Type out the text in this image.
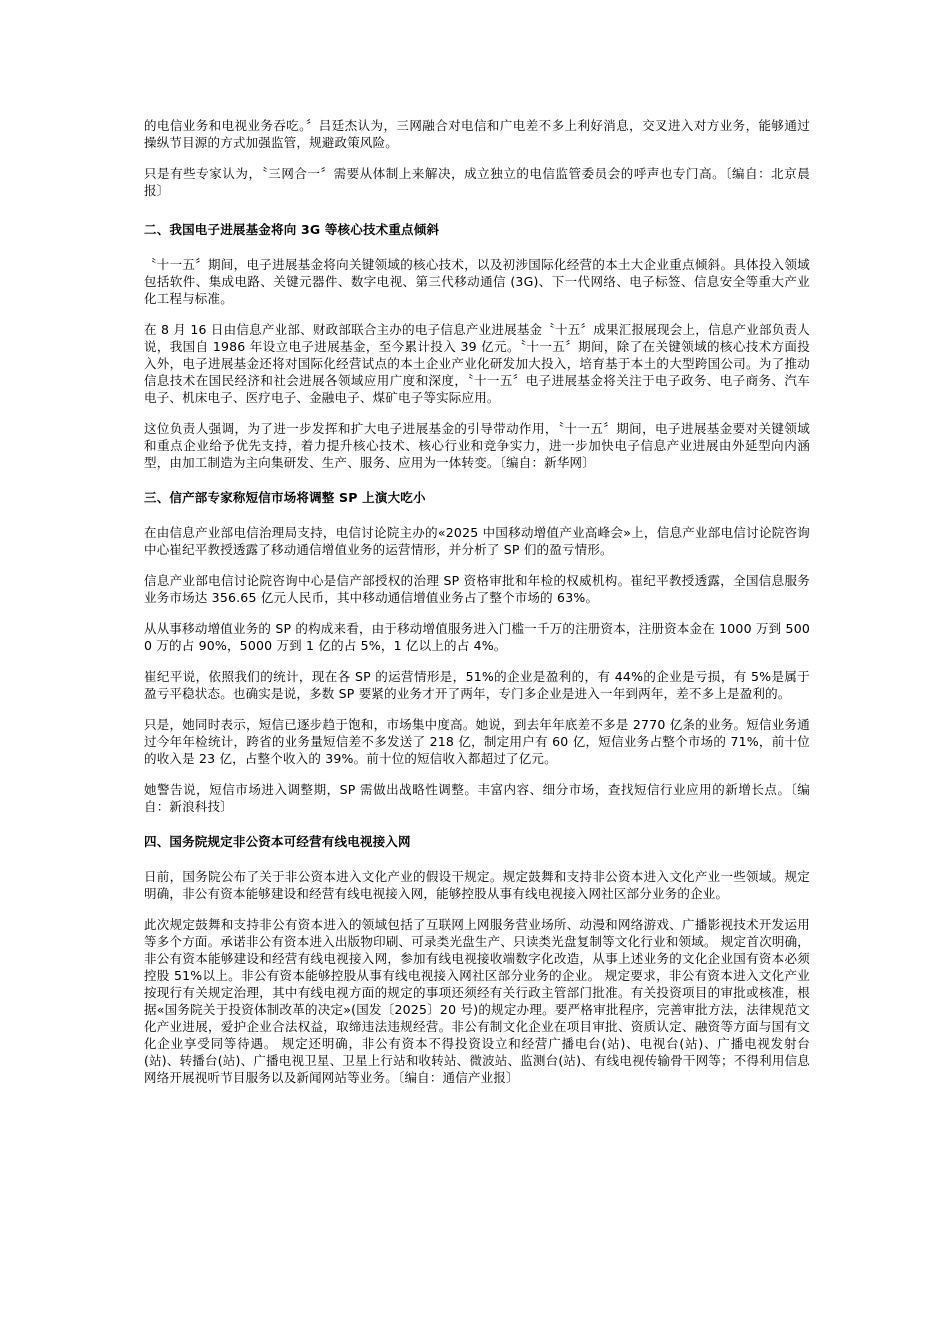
的电信业务和电视业务吞吃。〞吕廷杰认为，三网融合对电信和广电差不多上利好消息，交叉进入对方业务，能够通过操纵节目源的方式加强监管，规避政策风险。

只是有些专家认为，〝三网合一〞需要从体制上来解决，成立独立的电信监管委员会的呼声也专门高。〔编自：北京晨报〕

二、我国电子进展基金将向 3G 等核心技术重点倾斜

〝十一五〞期间，电子进展基金将向关键领域的核心技术，以及初涉国际化经营的本土大企业重点倾斜。具体投入领域包括软件、集成电路、关键元器件、数字电视、第三代移动通信 (3G)、下一代网络、电子标签、信息安全等重大产业化工程与标准。

在 8 月 16 日由信息产业部、财政部联合主办的电子信息产业进展基金〝十五〞成果汇报展现会上，信息产业部负责人说，我国自 1986 年设立电子进展基金，至今累计投入 39 亿元。〝十一五〞期间，除了在关键领域的核心技术方面投入外，电子进展基金还将对国际化经营试点的本土企业产业化研发加大投入，培育基于本土的大型跨国公司。为了推动信息技术在国民经济和社会进展各领域应用广度和深度，〝十一五〞电子进展基金将关注于电子政务、电子商务、汽车电子、机床电子、医疗电子、金融电子、煤矿电子等实际应用。

这位负责人强调，为了进一步发挥和扩大电子进展基金的引导带动作用，〝十一五〞期间，电子进展基金要对关键领域和重点企业给予优先支持，着力提升核心技术、核心行业和竞争实力，进一步加快电子信息产业进展由外延型向内涵型，由加工制造为主向集研发、生产、服务、应用为一体转变。〔编自：新华网〕

三、信产部专家称短信市场将调整 SP 上演大吃小

在由信息产业部电信治理局支持，电信讨论院主办的«2025 中国移动增值产业高峰会»上，信息产业部电信讨论院咨询中心崔纪平教授透露了移动通信增值业务的运营情形，并分析了 SP 们的盈亏情形。

信息产业部电信讨论院咨询中心是信产部授权的治理 SP 资格审批和年检的权威机构。崔纪平教授透露，全国信息服务业务市场达 356.65 亿元人民币，其中移动通信增值业务占了整个市场的 63%。

从从事移动增值业务的 SP 的构成来看，由于移动增值服务进入门槛一千万的注册资本，注册资本金在 1000 万到 5000 万的占 90%，5000 万到 1 亿的占 5%，1 亿以上的占 4%。

崔纪平说，依照我们的统计，现在各 SP 的运营情形是，51%的企业是盈利的，有 44%的企业是亏损，有 5%是属于盈亏平稳状态。也确实是说，多数 SP 要紧的业务才开了两年，专门多企业是进入一年到两年，差不多上是盈利的。

只是，她同时表示，短信已逐步趋于饱和，市场集中度高。她说，到去年年底差不多是 2770 亿条的业务。短信业务通过今年年检统计，跨省的业务量短信差不多发送了 218 亿，制定用户有 60 亿，短信业务占整个市场的 71%，前十位的收入是 23 亿，占整个收入的 39%。前十位的短信收入都超过了亿元。

她警告说，短信市场进入调整期，SP 需做出战略性调整。丰富内容、细分市场，查找短信行业应用的新增长点。〔编自：新浪科技〕

四、国务院规定非公资本可经营有线电视接入网

日前，国务院公布了关于非公资本进入文化产业的假设干规定。规定鼓舞和支持非公资本进入文化产业一些领域。规定明确，非公有资本能够建设和经营有线电视接入网，能够控股从事有线电视接入网社区部分业务的企业。

此次规定鼓舞和支持非公有资本进入的领域包括了互联网上网服务营业场所、动漫和网络游戏、广播影视技术开发运用等多个方面。承诺非公有资本进入出版物印刷、可录类光盘生产、只读类光盘复制等文化行业和领域。 规定首次明确，非公有资本能够建设和经营有线电视接入网，参加有线电视接收端数字化改造，从事上述业务的文化企业国有资本必须控股 51%以上。非公有资本能够控股从事有线电视接入网社区部分业务的企业。 规定要求，非公有资本进入文化产业按现行有关规定治理，其中有线电视方面的规定的事项还须经有关行政主管部门批准。有关投资项目的审批或核准，根据«国务院关于投资体制改革的决定»(国发〔2025〕20 号)的规定办理。要严格审批程序，完善审批方法，法律规范文化产业进展，爱护企业合法权益，取缔违法违规经营。非公有制文化企业在项目审批、资质认定、融资等方面与国有文化企业享受同等待遇。 规定还明确，非公有资本不得投资设立和经营广播电台(站)、电视台(站)、广播电视发射台(站)、转播台(站)、广播电视卫星、卫星上行站和收转站、微波站、监测台(站)、有线电视传输骨干网等；不得利用信息网络开展视听节目服务以及新闻网站等业务。〔编自：通信产业报〕
